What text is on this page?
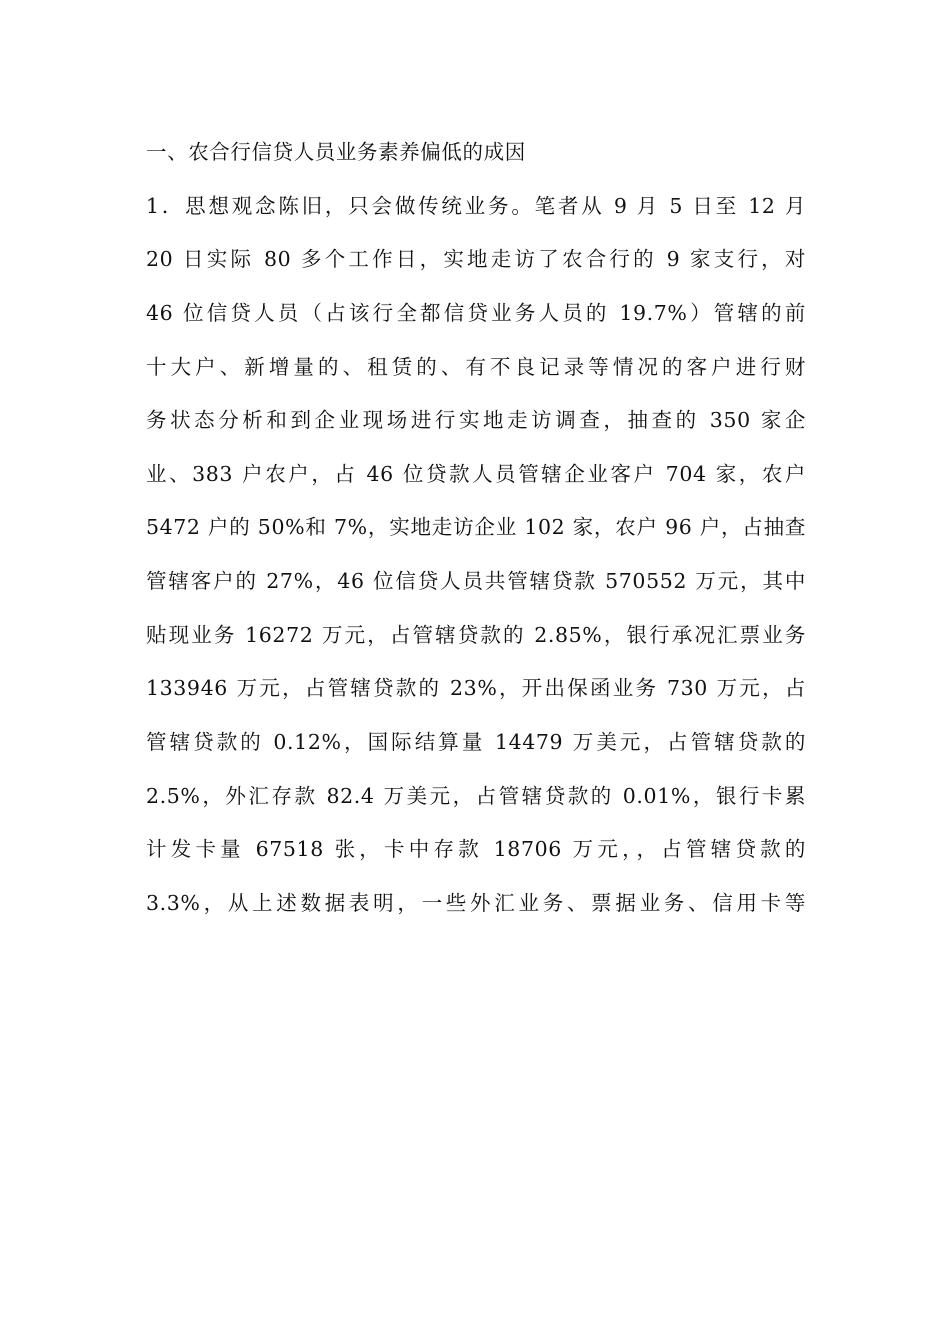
一、农合行信贷人员业务素养偏低的成因
1．思想观念陈旧，只会做传统业务。笔者从 9 月 5 日至 12 月
20 日实际 80 多个工作日，实地走访了农合行的 9 家支行，对
46 位信贷人员（占该行全都信贷业务人员的 19.7%）管辖的前
十大户、新增量的、租赁的、有不良记录等情况的客户进行财
务状态分析和到企业现场进行实地走访调查，抽查的 350 家企
业、383 户农户，占 46 位贷款人员管辖企业客户 704 家，农户
5472 户的 50%和 7%，实地走访企业 102 家，农户 96 户，占抽查
管辖客户的 27%，46 位信贷人员共管辖贷款 570552 万元，其中
贴现业务 16272 万元，占管辖贷款的 2.85%，银行承况汇票业务
133946 万元，占管辖贷款的 23%，开出保函业务 730 万元，占
管辖贷款的 0.12%，国际结算量 14479 万美元，占管辖贷款的
2.5%，外汇存款 82.4 万美元，占管辖贷款的 0.01%，银行卡累
计发卡量 67518 张，卡中存款 18706 万元，，占管辖贷款的
3.3%，从上述数据表明，一些外汇业务、票据业务、信用卡等
